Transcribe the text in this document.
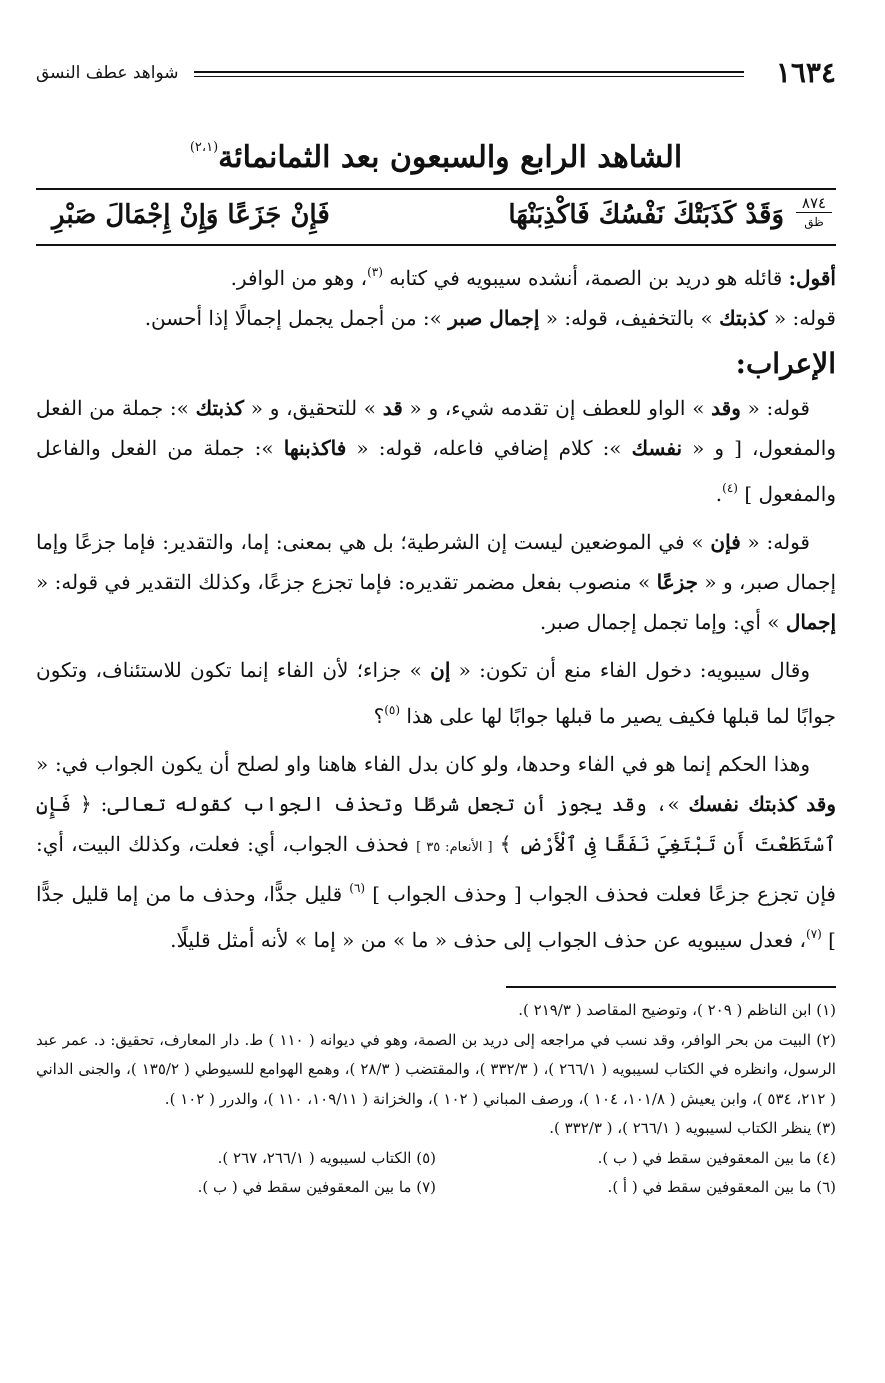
١٦٣٤
شواهد عطف النسق
الشاهد الرابع والسبعون بعد الثمانمائة$^{(٢،١)}$
٨٧٤
ظق
وَقَدْ كَذَبَتْكَ نَفْسُكَ فَاكْذِبَنْهَا
فَإِنْ جَزَعًا وَإِنْ إِجْمَالَ صَبْرِ

أقول: قائله هو دريد بن الصمة، أنشده سيبويه في كتابه $^{(٣)}$، وهو من الوافر.

قوله: « كذبتك » بالتخفيف، قوله: « إجمال صبر »: من أجمل يجمل إجمالًا إذا أحسن.

الإعراب:

قوله: « وقد » الواو للعطف إن تقدمه شيء، و « قد » للتحقيق، و « كذبتك »: جملة من الفعل والمفعول، [ و « نفسك »: كلام إضافي فاعله، قوله: « فاكذبنها »: جملة من الفعل والفاعل والمفعول ] $^{(٤)}$.

قوله: « فإن » في الموضعين ليست إن الشرطية؛ بل هي بمعنى: إما، والتقدير: فإما جزعًا وإما إجمال صبر، و « جزعًا » منصوب بفعل مضمر تقديره: فإما تجزع جزعًا، وكذلك التقدير في قوله: « إجمال » أي: وإما تجمل إجمال صبر.

وقال سيبويه: دخول الفاء منع أن تكون: « إن » جزاء؛ لأن الفاء إنما تكون للاستئناف، وتكون جوابًا لما قبلها فكيف يصير ما قبلها جوابًا لها على هذا $^{(٥)}$؟

وهذا الحكم إنما هو في الفاء وحدها، ولو كان بدل الفاء هاهنا واو لصلح أن يكون الجواب في: « وقد كذبتك نفسك »، وقد يجوز أن تجعل شرطًا وتحذف الجواب كقوله تعالى: ﴿ فَإِنِ ٱسْتَطَعْتَ أَن تَبْتَغِيَ نَفَقًا فِى ٱلْأَرْضِ ﴾ [ الأنعام: ٣٥ ] فحذف الجواب، أي: فعلت، وكذلك البيت، أي: فإن تجزع جزعًا فعلت فحذف الجواب [ وحذف الجواب ] $^{(٦)}$ قليل جدًّا، وحذف ما من إما قليل جدًّا ] $^{(٧)}$، فعدل سيبويه عن حذف الجواب إلى حذف « ما » من « إما » لأنه أمثل قليلًا.

(١) ابن الناظم ( ٢٠٩ )، وتوضيح المقاصد ( ٢١٩/٣ ).

(٢) البيت من بحر الوافر، وقد نسب في مراجعه إلى دريد بن الصمة، وهو في ديوانه ( ١١٠ ) ط. دار المعارف، تحقيق: د. عمر عبد الرسول، وانظره في الكتاب لسيبويه ( ٢٦٦/١ )، ( ٣٣٢/٣ )، والمقتضب ( ٢٨/٣ )، وهمع الهوامع للسيوطي ( ١٣٥/٢ )، والجنى الداني ( ٢١٢، ٥٣٤ )، وابن يعيش ( ١٠١/٨، ١٠٤ )، ورصف المباني ( ١٠٢ )، والخزانة ( ١٠٩/١١، ١١٠ )، والدرر ( ١٠٢ ).

(٣) ينظر الكتاب لسيبويه ( ٢٦٦/١ )، ( ٣٣٢/٣ ).

(٤) ما بين المعقوفين سقط في ( ب ).
(٥) الكتاب لسيبويه ( ٢٦٦/١، ٢٦٧ ).
(٦) ما بين المعقوفين سقط في ( أ ).
(٧) ما بين المعقوفين سقط في ( ب ).
